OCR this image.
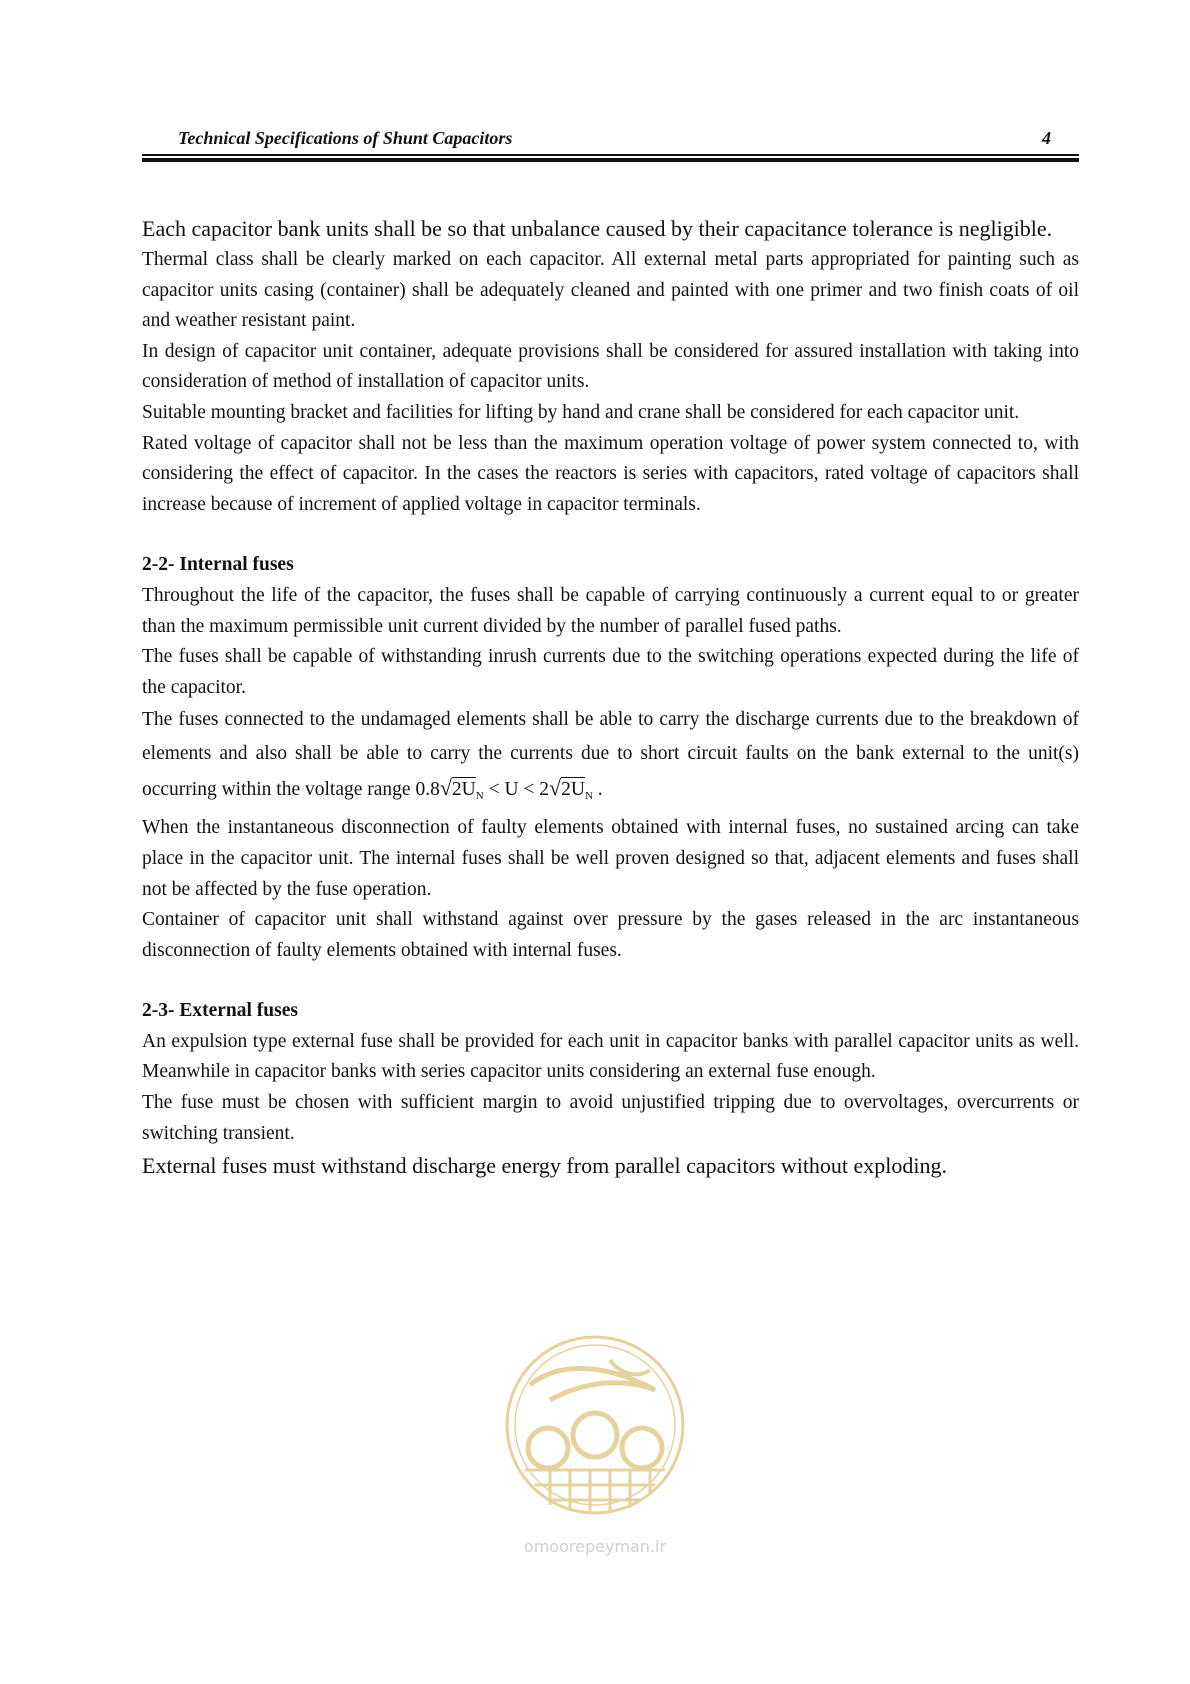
Technical Specifications of Shunt Capacitors	4

Each capacitor bank units shall be so that unbalance caused by their capacitance tolerance is negligible.

Thermal class shall be clearly marked on each capacitor. All external metal parts appropriated for painting such as capacitor units casing (container) shall be adequately cleaned and painted with one primer and two finish coats of oil and weather resistant paint.

In design of capacitor unit container, adequate provisions shall be considered for assured installation with taking into consideration of method of installation of capacitor units.

Suitable mounting bracket and facilities for lifting by hand and crane shall be considered for each capacitor unit.

Rated voltage of capacitor shall not be less than the maximum operation voltage of power system connected to, with considering the effect of capacitor. In the cases the reactors is series with capacitors, rated voltage of capacitors shall increase because of increment of applied voltage in capacitor terminals.

2-2- Internal fuses

Throughout the life of the capacitor, the fuses shall be capable of carrying continuously a current equal to or greater than the maximum permissible unit current divided by the number of parallel fused paths.

The fuses shall be capable of withstanding inrush currents due to the switching operations expected during the life of the capacitor.

The fuses connected to the undamaged elements shall be able to carry the discharge currents due to the breakdown of elements and also shall be able to carry the currents due to short circuit faults on the bank external to the unit(s) occurring within the voltage range $0.8√2U_N < U < 2√2U_N$ .

When the instantaneous disconnection of faulty elements obtained with internal fuses, no sustained arcing can take place in the capacitor unit. The internal fuses shall be well proven designed so that, adjacent elements and fuses shall not be affected by the fuse operation.

Container of capacitor unit shall withstand against over pressure by the gases released in the arc instantaneous disconnection of faulty elements obtained with internal fuses.

2-3- External fuses

An expulsion type external fuse shall be provided for each unit in capacitor banks with parallel capacitor units as well. Meanwhile in capacitor banks with series capacitor units considering an external fuse enough.

The fuse must be chosen with sufficient margin to avoid unjustified tripping due to overvoltages, overcurrents or switching transient.

External fuses must withstand discharge energy from parallel capacitors without exploding.

omoorepeyman.ir
